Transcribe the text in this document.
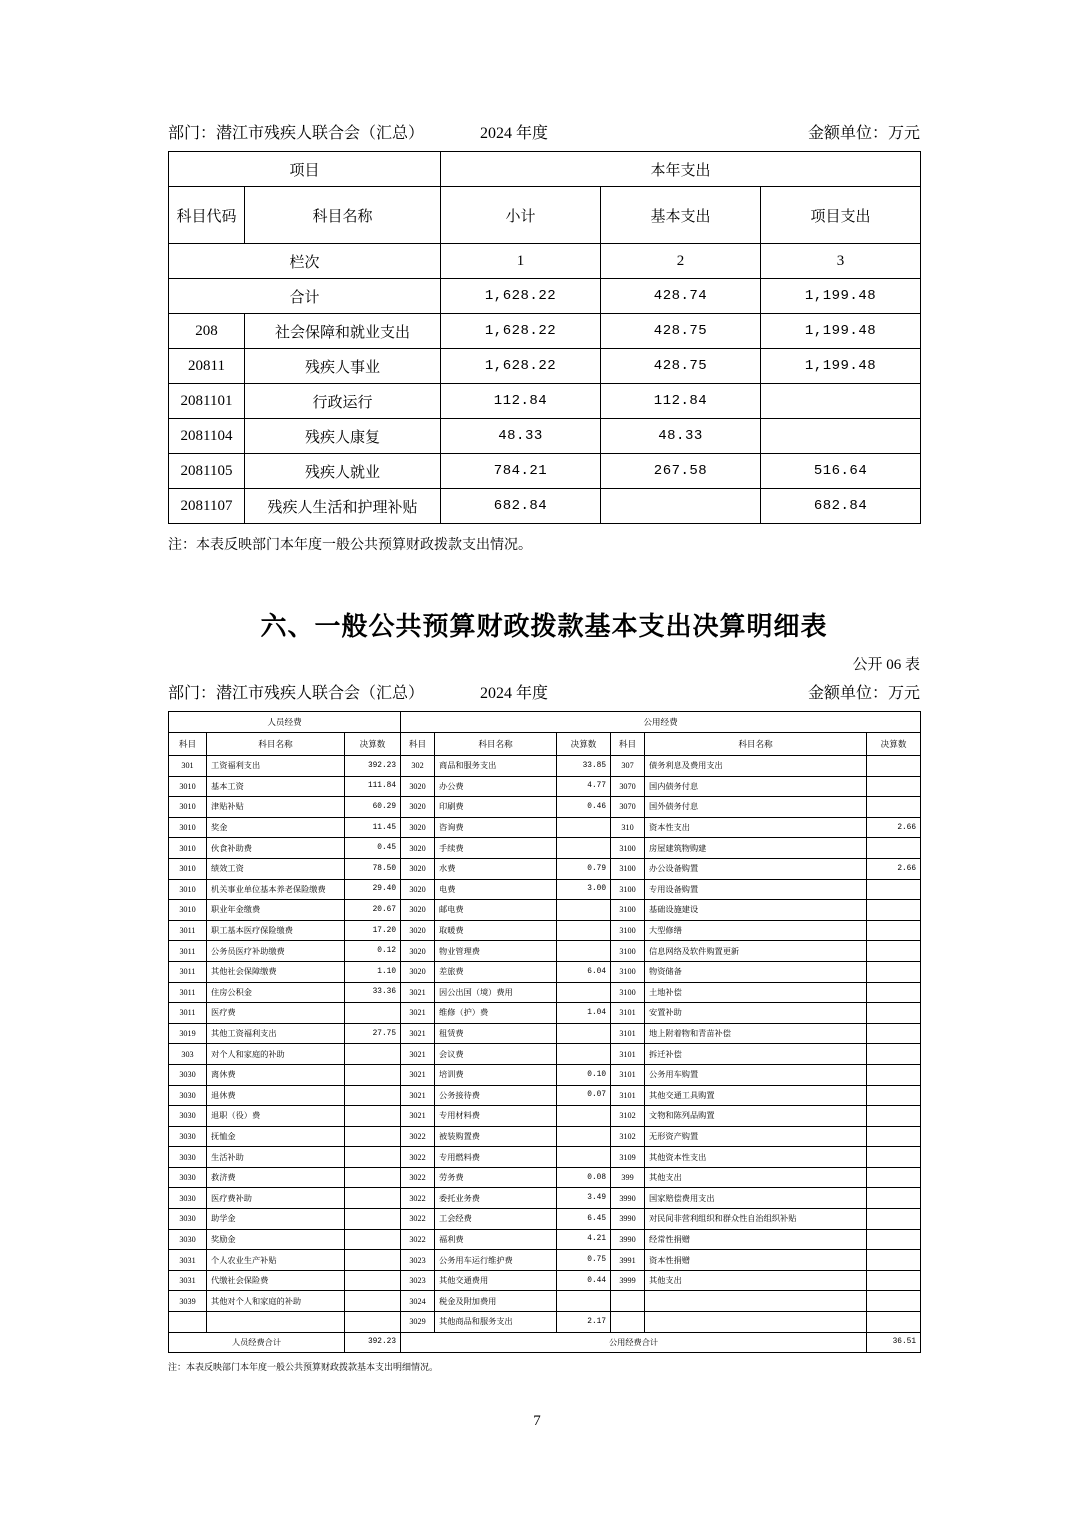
部门：潜江市残疾人联合会（汇总）	2024 年度	金额单位：万元
项目		本年支出		
科目代码	科目名称	小计	基本支出	项目支出
栏次		1	2	3
合计		1,628.22	428.74	1,199.48
208	社会保障和就业支出	1,628.22	428.75	1,199.48
20811	残疾人事业	1,628.22	428.75	1,199.48
2081101	行政运行	112.84	112.84	
2081104	残疾人康复	48.33	48.33	
2081105	残疾人就业	784.21	267.58	516.64
2081107	残疾人生活和护理补贴	682.84		682.84
注：本表反映部门本年度一般公共预算财政拨款支出情况。
六、一般公共预算财政拨款基本支出决算明细表
公开 06 表
部门：潜江市残疾人联合会（汇总）	2024 年度	金额单位：万元
人员经费			公用经费					
科目	科目名称	决算数	科目	科目名称	决算数	科目	科目名称	决算数
301	工资福利支出	392.23	302	商品和服务支出	33.85	307	债务利息及费用支出	
3010	基本工资	111.84	3020	办公费	4.77	3070	国内债务付息	
3010	津贴补贴	60.29	3020	印刷费	0.46	3070	国外债务付息	
3010	奖金	11.45	3020	咨询费		310	资本性支出	2.66
3010	伙食补助费	0.45	3020	手续费		3100	房屋建筑物购建	
3010	绩效工资	78.50	3020	水费	0.79	3100	办公设备购置	2.66
3010	机关事业单位基本养老保险缴费	29.40	3020	电费	3.00	3100	专用设备购置	
3010	职业年金缴费	20.67	3020	邮电费		3100	基础设施建设	
3011	职工基本医疗保险缴费	17.20	3020	取暖费		3100	大型修缮	
3011	公务员医疗补助缴费	0.12	3020	物业管理费		3100	信息网络及软件购置更新	
3011	其他社会保障缴费	1.10	3020	差旅费	6.04	3100	物资储备	
3011	住房公积金	33.36	3021	因公出国（境）费用		3100	土地补偿	
3011	医疗费		3021	维修（护）费	1.04	3101	安置补助	
3019	其他工资福利支出	27.75	3021	租赁费		3101	地上附着物和青苗补偿	
303	对个人和家庭的补助		3021	会议费		3101	拆迁补偿	
3030	离休费		3021	培训费	0.10	3101	公务用车购置	
3030	退休费		3021	公务接待费	0.07	3101	其他交通工具购置	
3030	退职（役）费		3021	专用材料费		3102	文物和陈列品购置	
3030	抚恤金		3022	被装购置费		3102	无形资产购置	
3030	生活补助		3022	专用燃料费		3109	其他资本性支出	
3030	救济费		3022	劳务费	0.08	399	其他支出	
3030	医疗费补助		3022	委托业务费	3.49	3990	国家赔偿费用支出	
3030	助学金		3022	工会经费	6.45	3990	对民间非营利组织和群众性自治组织补贴	
3030	奖励金		3022	福利费	4.21	3990	经常性捐赠	
3031	个人农业生产补贴		3023	公务用车运行维护费	0.75	3991	资本性捐赠	
3031	代缴社会保险费		3023	其他交通费用	0.44	3999	其他支出	
3039	其他对个人和家庭的补助		3024	税金及附加费用				
			3029	其他商品和服务支出	2.17			
人员经费合计		392.23	公用经费合计					36.51
注：本表反映部门本年度一般公共预算财政拨款基本支出明细情况。
7
